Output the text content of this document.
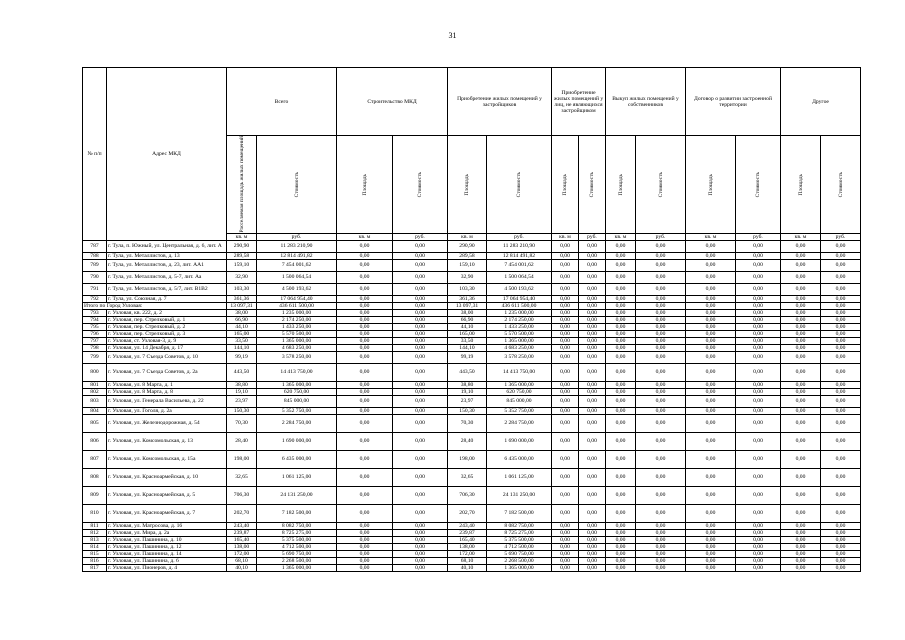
31
№ п/п	Адрес МКД	Всего		Строительство МКД		Приобретение жилых помещений у застройщиков		Приобретение жилых помещений у лиц, не являющихся застройщиком		Выкуп жилых помещений у собственников		Договор о развитии застроенной территории		Другое	

		Расселяемая площадь жилых помещений	Стоимость	Площадь	Стоимость	Площадь	Стоимость	Площадь	Стоимость	Площадь	Стоимость	Площадь	Стоимость	Площадь	Стоимость

		кв. м	руб.	кв. м	руб.	кв. м	руб.	кв. м	руб.	кв. м	руб.	кв. м	руб.	кв. м	руб.
787	г. Тула, п. Южный, ул. Центральная, д. 6, лит. А	290,90	11 283 210,90	0,00	0,00	290,90	11 283 210,90	0,00	0,00	0,00	0,00	0,00	0,00	0,00	0,00
788	г. Тула, ул. Металлистов, д. 13	289,58	12 814 491,82	0,00	0,00	289,58	12 814 491,82	0,00	0,00	0,00	0,00	0,00	0,00	0,00	0,00
789	г. Тула, ул. Металлистов, д. 23, лит. АА1	159,10	7 454 001,62	0,00	0,00	159,10	7 454 001,62	0,00	0,00	0,00	0,00	0,00	0,00	0,00	0,00
790	г. Тула, ул. Металлистов, д. 5-7, лит. Аа	32,90	1 500 064,54	0,00	0,00	32,90	1 500 064,54	0,00	0,00	0,00	0,00	0,00	0,00	0,00	0,00
791	г. Тула, ул. Металлистов, д. 5/7, лит. В1В2	103,30	4 500 193,62	0,00	0,00	103,30	4 500 193,62	0,00	0,00	0,00	0,00	0,00	0,00	0,00	0,00
792	г. Тула, ул. Союзная, д. 7	361,36	17 064 954,40	0,00	0,00	361,36	17 064 954,40	0,00	0,00	0,00	0,00	0,00	0,00	0,00	0,00
Итого по Город Узловая:		13 097,31	436 611 500,00	0,00	0,00	13 097,31	436 611 500,00	0,00	0,00	0,00	0,00	0,00	0,00	0,00	0,00
793	г. Узловая, кв. 222, д. 2	38,00	1 235 000,00	0,00	0,00	38,00	1 235 000,00	0,00	0,00	0,00	0,00	0,00	0,00	0,00	0,00
794	г. Узловая, пер. Стрелковый, д. 1	66,90	2 174 250,00	0,00	0,00	66,90	2 174 250,00	0,00	0,00	0,00	0,00	0,00	0,00	0,00	0,00
795	г. Узловая, пер. Стрелковый, д. 2	44,10	1 433 250,00	0,00	0,00	44,10	1 433 250,00	0,00	0,00	0,00	0,00	0,00	0,00	0,00	0,00
796	г. Узловая, пер. Стрелковый, д. 3	165,00	5 570 500,00	0,00	0,00	165,00	5 570 500,00	0,00	0,00	0,00	0,00	0,00	0,00	0,00	0,00
797	г. Узловая, ст. Узловая-3, д. 9	33,50	1 365 000,00	0,00	0,00	33,50	1 365 000,00	0,00	0,00	0,00	0,00	0,00	0,00	0,00	0,00
798	г. Узловая, ул. 14 Декабря, д. 17	144,10	4 683 250,00	0,00	0,00	144,10	4 683 250,00	0,00	0,00	0,00	0,00	0,00	0,00	0,00	0,00
799	г. Узловая, ул. 7 Съезда Советов, д. 10	99,19	3 578 250,00	0,00	0,00	99,19	3 578 250,00	0,00	0,00	0,00	0,00	0,00	0,00	0,00	0,00
800	г. Узловая, ул. 7 Съезда Советов, д. 2а	443,50	14 413 750,00	0,00	0,00	443,50	14 413 750,00	0,00	0,00	0,00	0,00	0,00	0,00	0,00	0,00
801	г. Узловая, ул. 8 Марта, д. 1	38,80	1 365 000,00	0,00	0,00	38,80	1 365 000,00	0,00	0,00	0,00	0,00	0,00	0,00	0,00	0,00
802	г. Узловая, ул. 8 Марта, д. 8	19,10	620 750,00	0,00	0,00	19,10	620 750,00	0,00	0,00	0,00	0,00	0,00	0,00	0,00	0,00
803	г. Узловая, ул. Генерала Васильева, д. 22	23,97	845 000,00	0,00	0,00	23,97	845 000,00	0,00	0,00	0,00	0,00	0,00	0,00	0,00	0,00
804	г. Узловая, ул. Гоголя, д. 2а	150,30	5 352 750,00	0,00	0,00	150,30	5 352 750,00	0,00	0,00	0,00	0,00	0,00	0,00	0,00	0,00
805	г. Узловая, ул. Железнодорожная, д. 54	70,30	2 284 750,00	0,00	0,00	70,30	2 284 750,00	0,00	0,00	0,00	0,00	0,00	0,00	0,00	0,00
806	г. Узловая, ул. Комсомольская, д. 13	28,40	1 690 000,00	0,00	0,00	28,40	1 690 000,00	0,00	0,00	0,00	0,00	0,00	0,00	0,00	0,00
807	г. Узловая, ул. Комсомольская, д. 15а	198,00	6 435 000,00	0,00	0,00	198,00	6 435 000,00	0,00	0,00	0,00	0,00	0,00	0,00	0,00	0,00
808	г. Узловая, ул. Красноармейская, д. 10	32,65	1 061 125,00	0,00	0,00	32,65	1 061 125,00	0,00	0,00	0,00	0,00	0,00	0,00	0,00	0,00
809	г. Узловая, ул. Красноармейская, д. 5	706,30	24 131 250,00	0,00	0,00	706,30	24 131 250,00	0,00	0,00	0,00	0,00	0,00	0,00	0,00	0,00
810	г. Узловая, ул. Красноармейская, д. 7	202,70	7 182 500,00	0,00	0,00	202,70	7 182 500,00	0,00	0,00	0,00	0,00	0,00	0,00	0,00	0,00
811	г. Узловая, ул. Матросова, д. 16	243,40	8 082 750,00	0,00	0,00	243,40	8 082 750,00	0,00	0,00	0,00	0,00	0,00	0,00	0,00	0,00
812	г. Узловая, ул. Мира, д. 2а	239,87	8 725 275,00	0,00	0,00	239,87	8 725 275,00	0,00	0,00	0,00	0,00	0,00	0,00	0,00	0,00
813	г. Узловая, ул. Пашинина, д. 10	165,40	5 375 500,00	0,00	0,00	165,40	5 375 500,00	0,00	0,00	0,00	0,00	0,00	0,00	0,00	0,00
814	г. Узловая, ул. Пашинина, д. 12	138,00	4 712 500,00	0,00	0,00	138,00	4 712 500,00	0,00	0,00	0,00	0,00	0,00	0,00	0,00	0,00
815	г. Узловая, ул. Пашинина, д. 14	172,00	5 690 750,00	0,00	0,00	172,00	5 690 750,00	0,00	0,00	0,00	0,00	0,00	0,00	0,00	0,00
816	г. Узловая, ул. Пашинина, д. 6	68,10	2 268 500,00	0,00	0,00	68,10	2 268 500,00	0,00	0,00	0,00	0,00	0,00	0,00	0,00	0,00
817	г. Узловая, ул. Пионеров, д. 4	40,10	1 365 000,00	0,00	0,00	40,10	1 365 000,00	0,00	0,00	0,00	0,00	0,00	0,00	0,00	0,00
